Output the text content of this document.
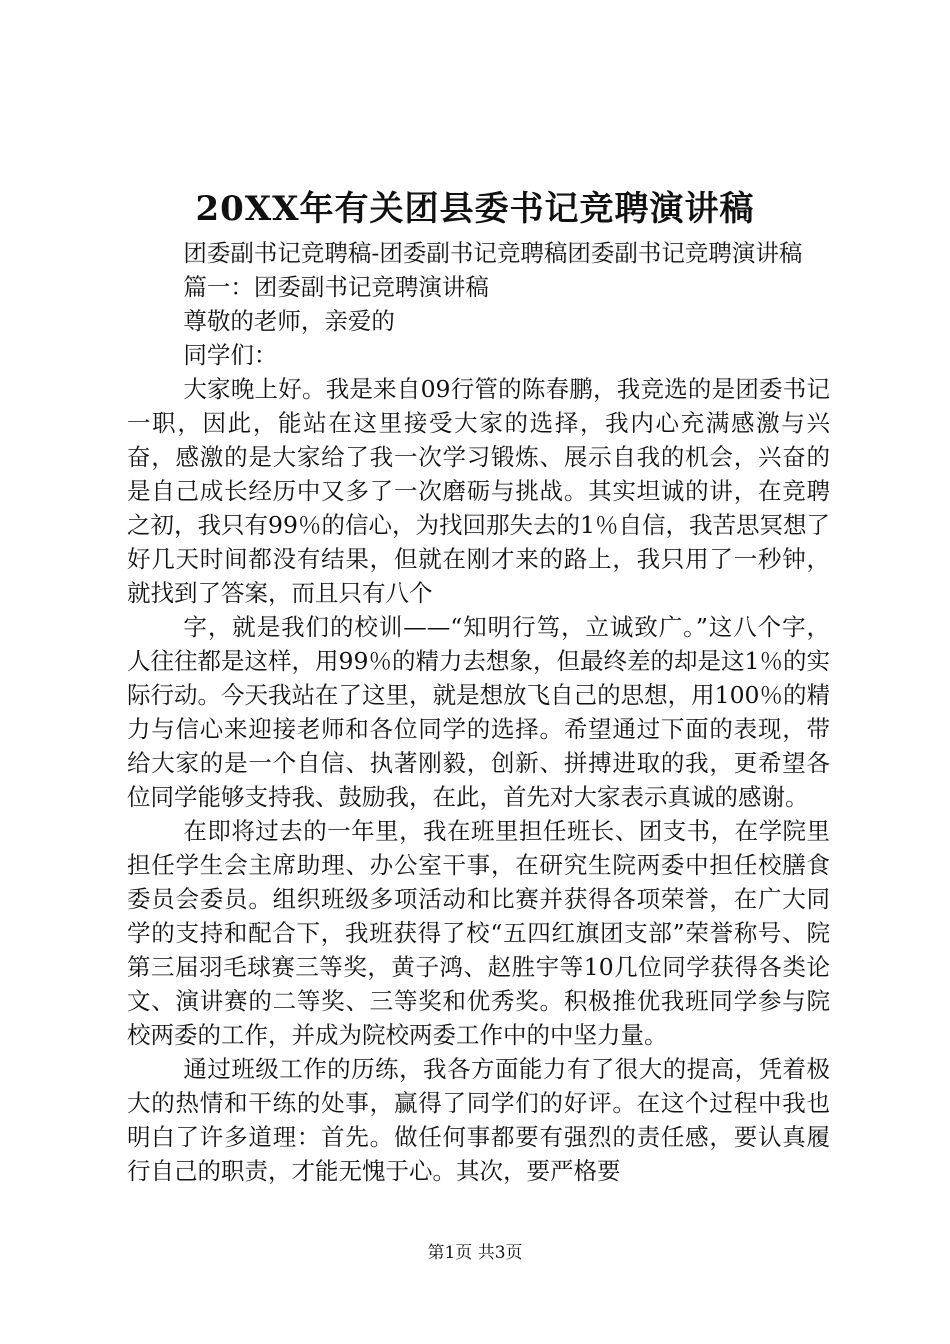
20XX年有关团县委书记竞聘演讲稿

团委副书记竞聘稿-团委副书记竞聘稿团委副书记竞聘演讲稿

篇一：团委副书记竞聘演讲稿

尊敬的老师，亲爱的

同学们：

大家晚上好。我是来自09行管的陈春鹏，我竞选的是团委书记一职，因此，能站在这里接受大家的选择，我内心充满感激与兴奋，感激的是大家给了我一次学习锻炼、展示自我的机会，兴奋的是自己成长经历中又多了一次磨砺与挑战。其实坦诚的讲，在竞聘之初，我只有99％的信心，为找回那失去的1％自信，我苦思冥想了好几天时间都没有结果，但就在刚才来的路上，我只用了一秒钟，就找到了答案，而且只有八个

字，就是我们的校训——“知明行笃，立诚致广。”这八个字，人往往都是这样，用99％的精力去想象，但最终差的却是这1％的实际行动。今天我站在了这里，就是想放飞自己的思想，用100％的精力与信心来迎接老师和各位同学的选择。希望通过下面的表现，带给大家的是一个自信、执著刚毅，创新、拼搏进取的我，更希望各位同学能够支持我、鼓励我，在此，首先对大家表示真诚的感谢。

在即将过去的一年里，我在班里担任班长、团支书，在学院里担任学生会主席助理、办公室干事，在研究生院两委中担任校膳食委员会委员。组织班级多项活动和比赛并获得各项荣誉，在广大同学的支持和配合下，我班获得了校“五四红旗团支部”荣誉称号、院第三届羽毛球赛三等奖，黄子鸿、赵胜宇等10几位同学获得各类论文、演讲赛的二等奖、三等奖和优秀奖。积极推优我班同学参与院校两委的工作，并成为院校两委工作中的中坚力量。

通过班级工作的历练，我各方面能力有了很大的提高，凭着极大的热情和干练的处事，赢得了同学们的好评。在这个过程中我也明白了许多道理：首先。做任何事都要有强烈的责任感，要认真履行自己的职责，才能无愧于心。其次，要严格要

第1页 共3页
